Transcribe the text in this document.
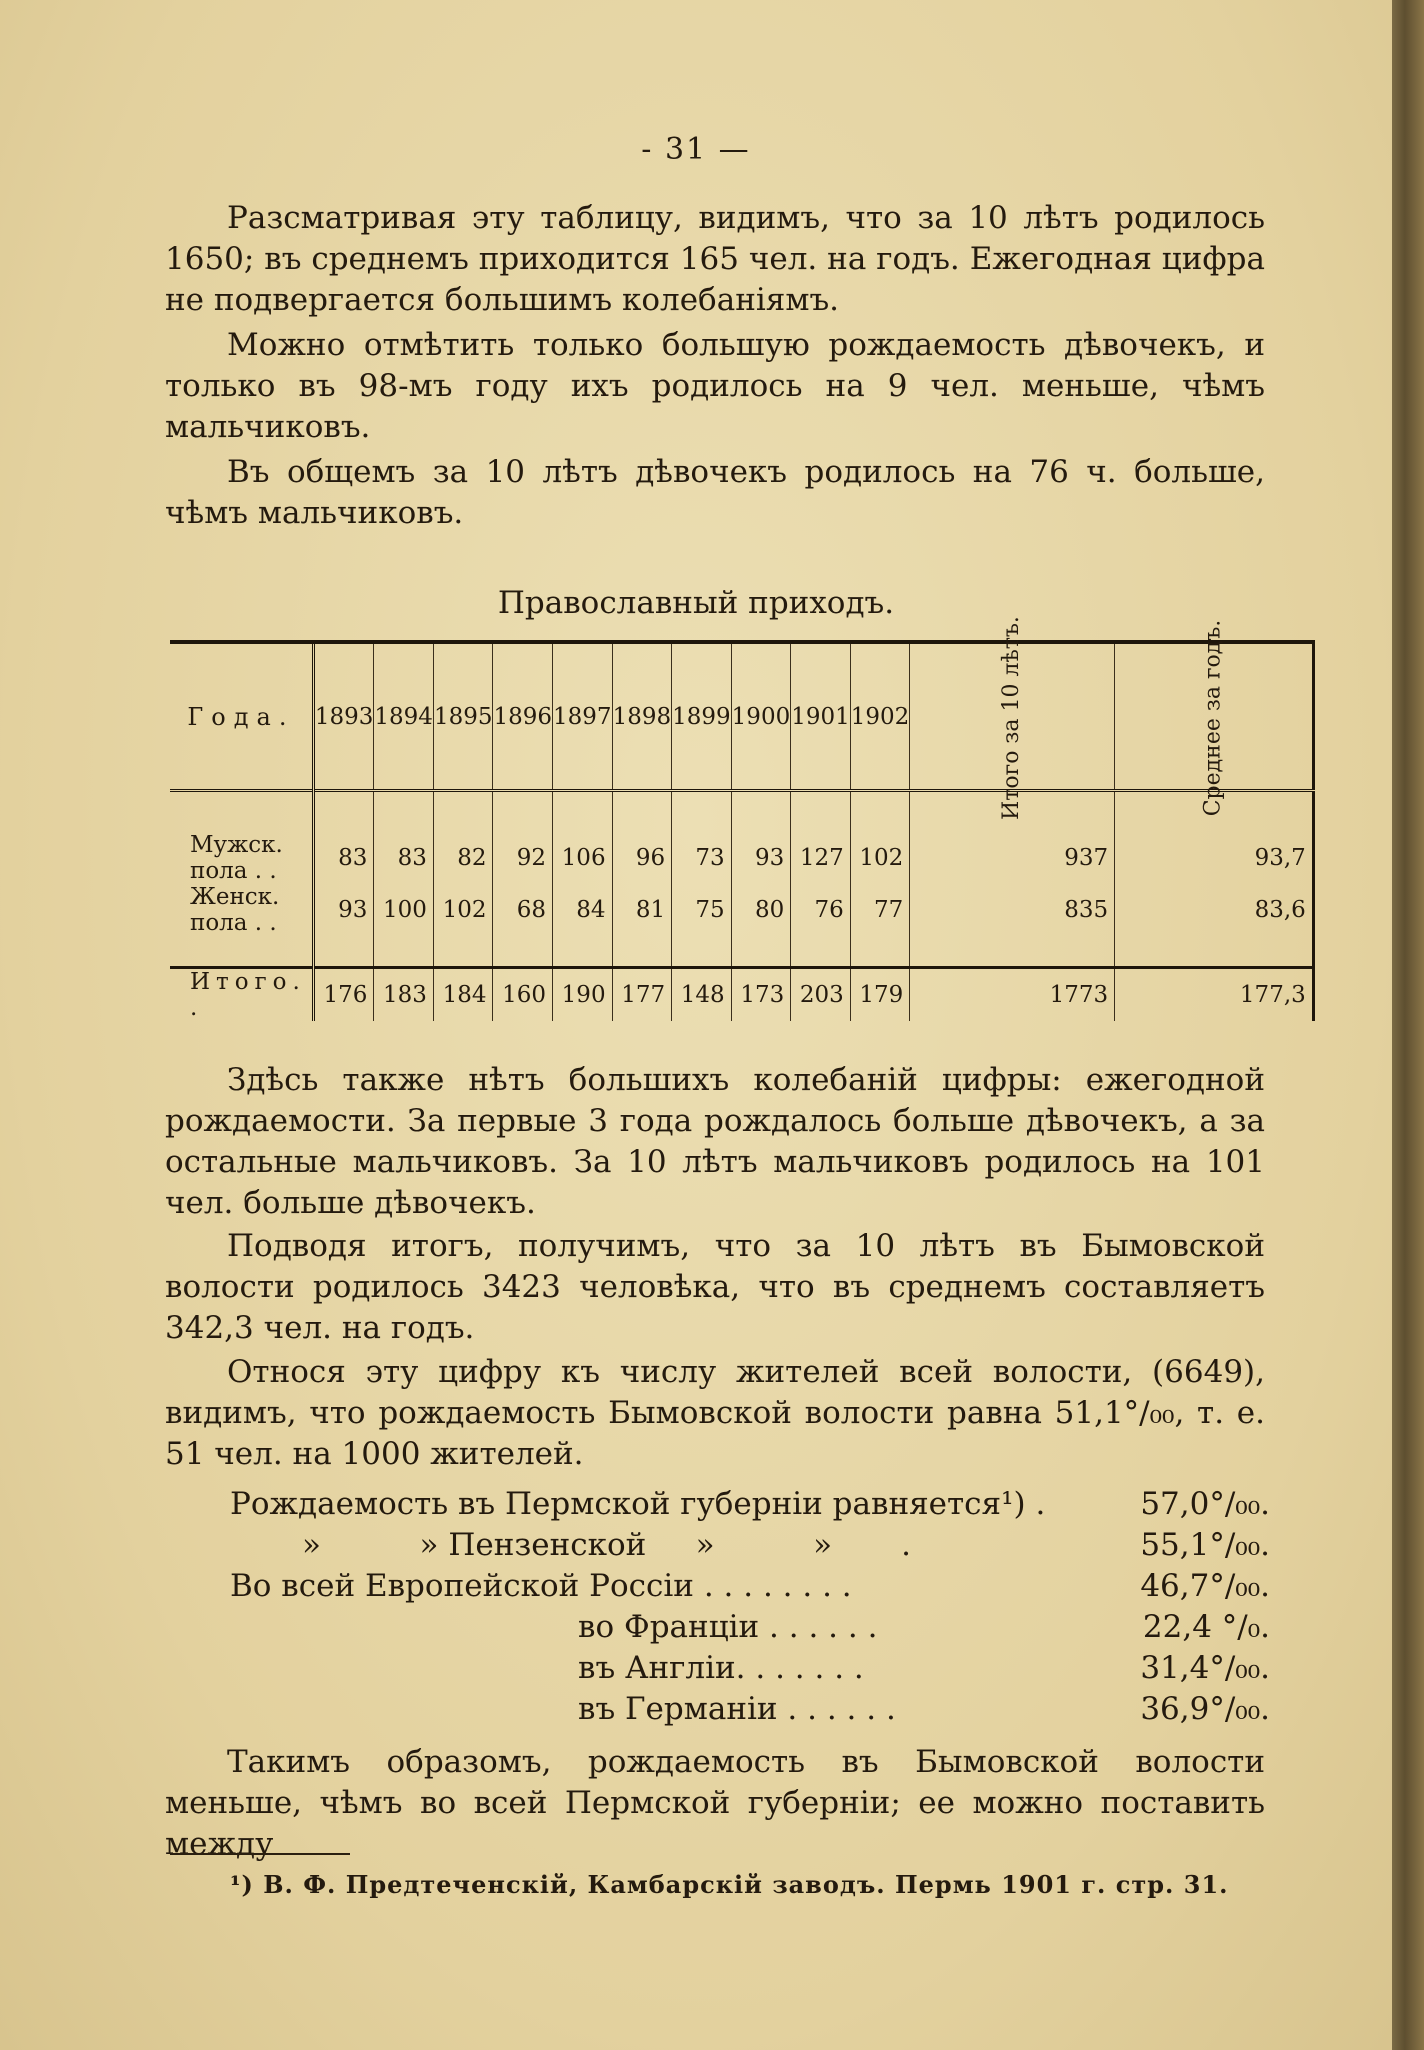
- 31 —
Разсматривая эту таблицу, видимъ, что за 10 лѣтъ родилось 1650; въ среднемъ приходится 165 чел. на годъ. Ежегодная цифра не подвергается большимъ колебаніямъ.
Можно отмѣтить только большую рождаемость дѣвочекъ, и только въ 98-мъ году ихъ родилось на 9 чел. меньше, чѣмъ мальчиковъ.
Въ общемъ за 10 лѣтъ дѣвочекъ родилось на 76 ч. больше, чѣмъ мальчиковъ.
Православный приходъ.
Года.	1893	1894	1895	1896	1897	1898	1899	1900	1901	1902	Итого за 10 лѣтъ.	Среднее за годъ.

Мужск. пола . .	83	83	82	92	106	96	73	93	127	102	937	93,7
Женск. пола . .	93	100	102	68	84	81	75	80	76	77	835	83,6

Итого. .	176	183	184	160	190	177	148	173	203	179	1773	177,3
Здѣсь также нѣтъ большихъ колебаній цифры: ежегодной рождаемости. За первые 3 года рождалось больше дѣвочекъ, а за остальные мальчиковъ. За 10 лѣтъ мальчиковъ родилось на 101 чел. больше дѣвочекъ.
Подводя итогъ, получимъ, что за 10 лѣтъ въ Бымовской волости родилось 3423 человѣка, что въ среднемъ составляетъ 342,3 чел. на годъ.
Относя эту цифру къ числу жителей всей волости, (6649), видимъ, что рождаемость Бымовской волости равна 51,1°/₀₀, т. е. 51 чел. на 1000 жителей.
Рождаемость въ Пермской губерніи равняется¹) .	57,0°/₀₀.
»          » Пензенской     »          »       .	55,1°/₀₀.
Во всей Европейской Россіи . . . . . . . .	46,7°/₀₀.
во Франціи . . . . . .	22,4 °/₀.
въ Англіи. . . . . . .	31,4°/₀₀.
въ Германіи . . . . . .	36,9°/₀₀.
Такимъ образомъ, рождаемость въ Бымовской волости меньше, чѣмъ во всей Пермской губерніи; ее можно поставить между
¹) В. Ф. Предтеченскій, Камбарскій заводъ. Пермь 1901 г. стр. 31.
